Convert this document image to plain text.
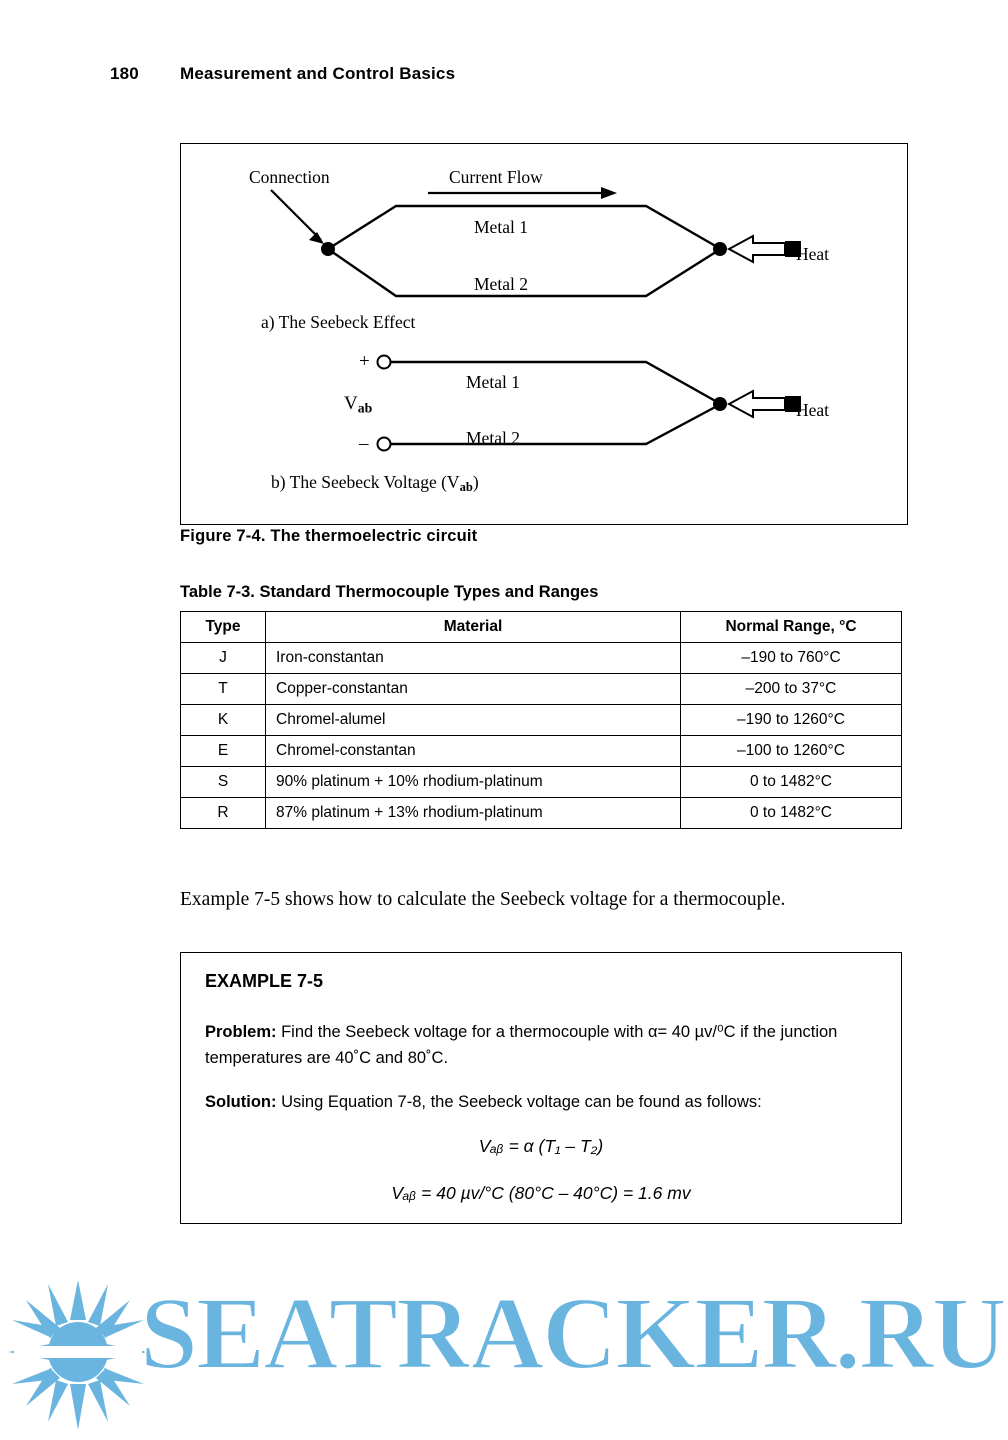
180 Measurement and Control Basics
Connection	Current Flow
Metal 1
Metal 2
Heat
a) The Seebeck Effect
+
–
$V_{ab}$
Metal 1
Metal 2
Heat
b) The Seebeck Voltage $(V_{ab})$
Figure 7-4. The thermoelectric circuit
Table 7-3. Standard Thermocouple Types and Ranges
Type	Material	Normal Range, °C
J	Iron-constantan	–190 to 760°C
T	Copper-constantan	–200 to 37°C
K	Chromel-alumel	–190 to 1260°C
E	Chromel-constantan	–100 to 1260°C
S	90% platinum + 10% rhodium-platinum	0 to 1482°C
R	87% platinum + 13% rhodium-platinum	0 to 1482°C

Example 7-5 shows how to calculate the Seebeck voltage for a thermocouple.

EXAMPLE 7-5
Problem: Find the Seebeck voltage for a thermocouple with α= 40 µv/⁰C if the junction temperatures are 40˚C and 80˚C.
Solution: Using Equation 7-8, the Seebeck voltage can be found as follows:
Vₐᵦ = α (T₁ – T₂)
Vₐᵦ = 40 µv/°C (80°C – 40°C) = 1.6 mv
SEATRACKER.RU
